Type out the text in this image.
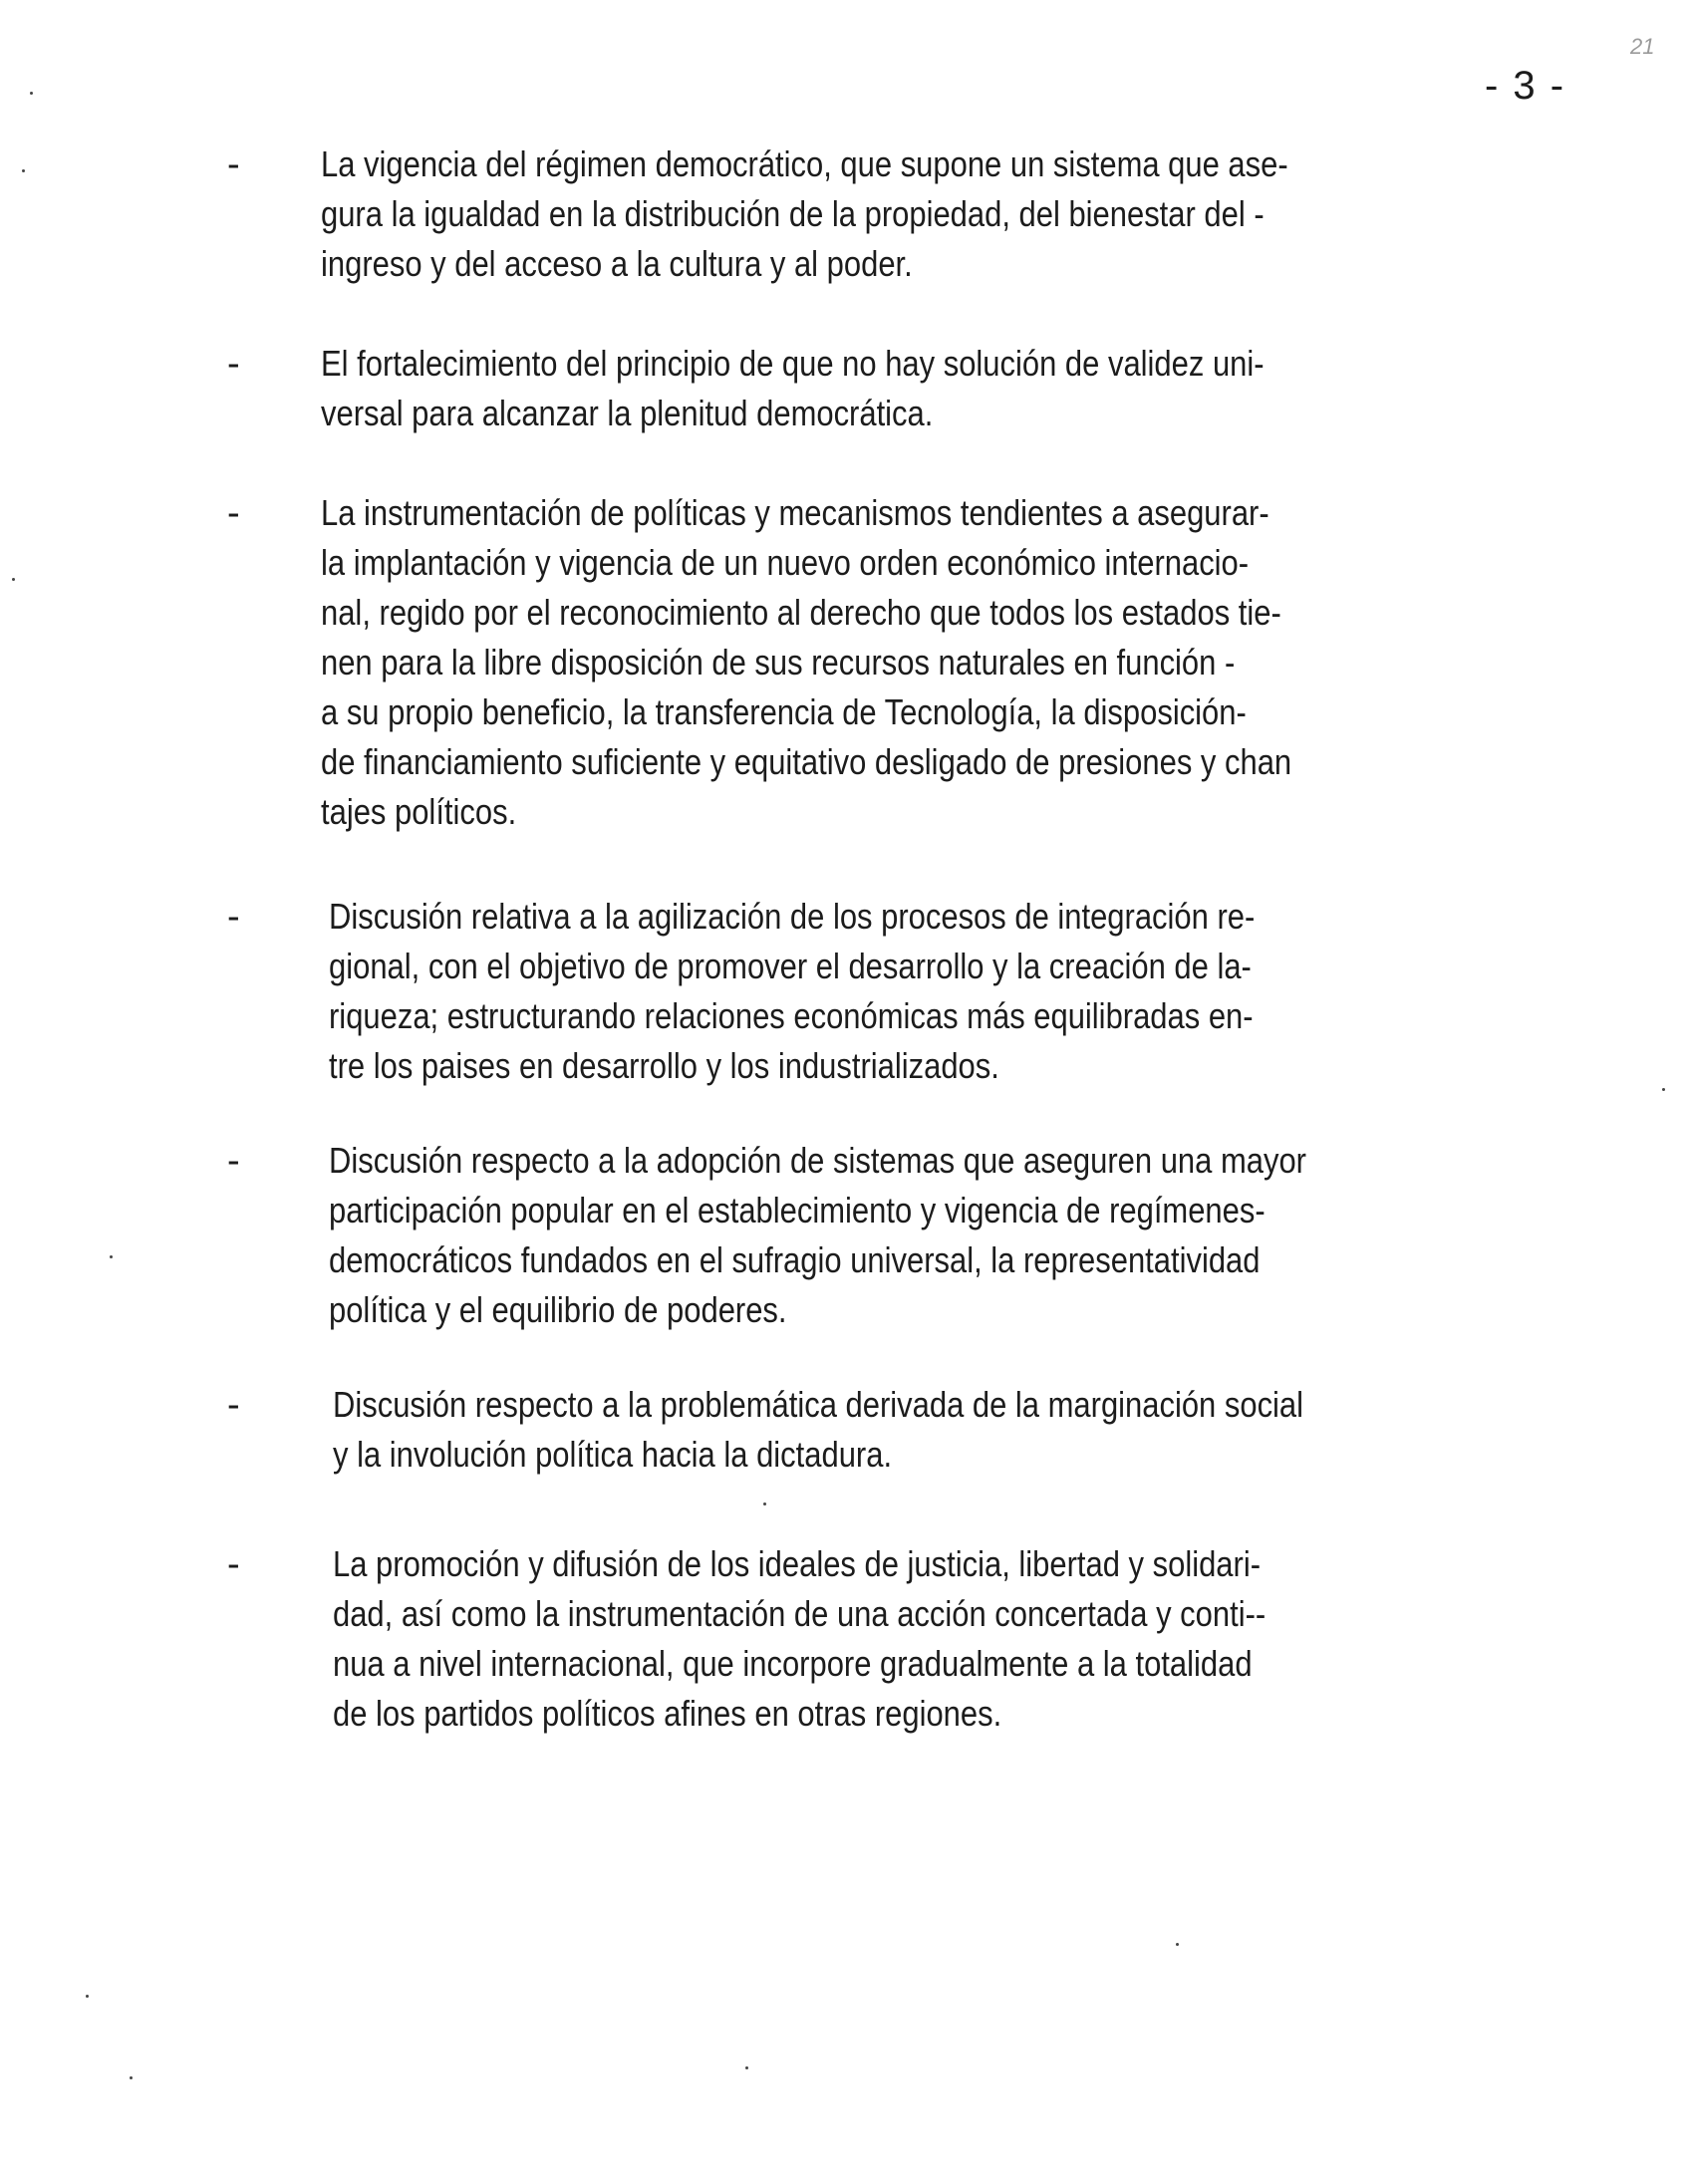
- 3 -
21
- La vigencia del régimen democrático, que supone un sistema que ase-
gura la igualdad en la distribución de la propiedad, del bienestar del -
ingreso y del acceso a la cultura y al poder.
- El fortalecimiento del principio de que no hay solución de validez uni-
versal para alcanzar la plenitud democrática.
- La instrumentación de políticas y mecanismos tendientes a asegurar-
la implantación y vigencia de un nuevo orden económico internacio-
nal, regido por el reconocimiento al derecho que todos los estados tie-
nen para la libre disposición de sus recursos naturales en función -
a su propio beneficio, la transferencia de Tecnología, la disposición-
de financiamiento suficiente y equitativo desligado de presiones y chan
tajes políticos.
- Discusión relativa a la agilización de los procesos de integración re-
gional, con el objetivo de promover el desarrollo y la creación de la-
riqueza; estructurando relaciones económicas más equilibradas en-
tre los paises en desarrollo y los industrializados.
- Discusión respecto a la adopción de sistemas que aseguren una mayor
participación popular en el establecimiento y vigencia de regímenes-
democráticos fundados en el sufragio universal, la representatividad
política y el equilibrio de poderes.
-	Discusión respecto a la problemática derivada de la marginación social
y la involución política hacia la dictadura.
-	La promoción y difusión de los ideales de justicia, libertad y solidari-
dad, así como la instrumentación de una acción concertada y conti--
nua a nivel internacional, que incorpore gradualmente a la totalidad
de los partidos políticos afines en otras regiones.
